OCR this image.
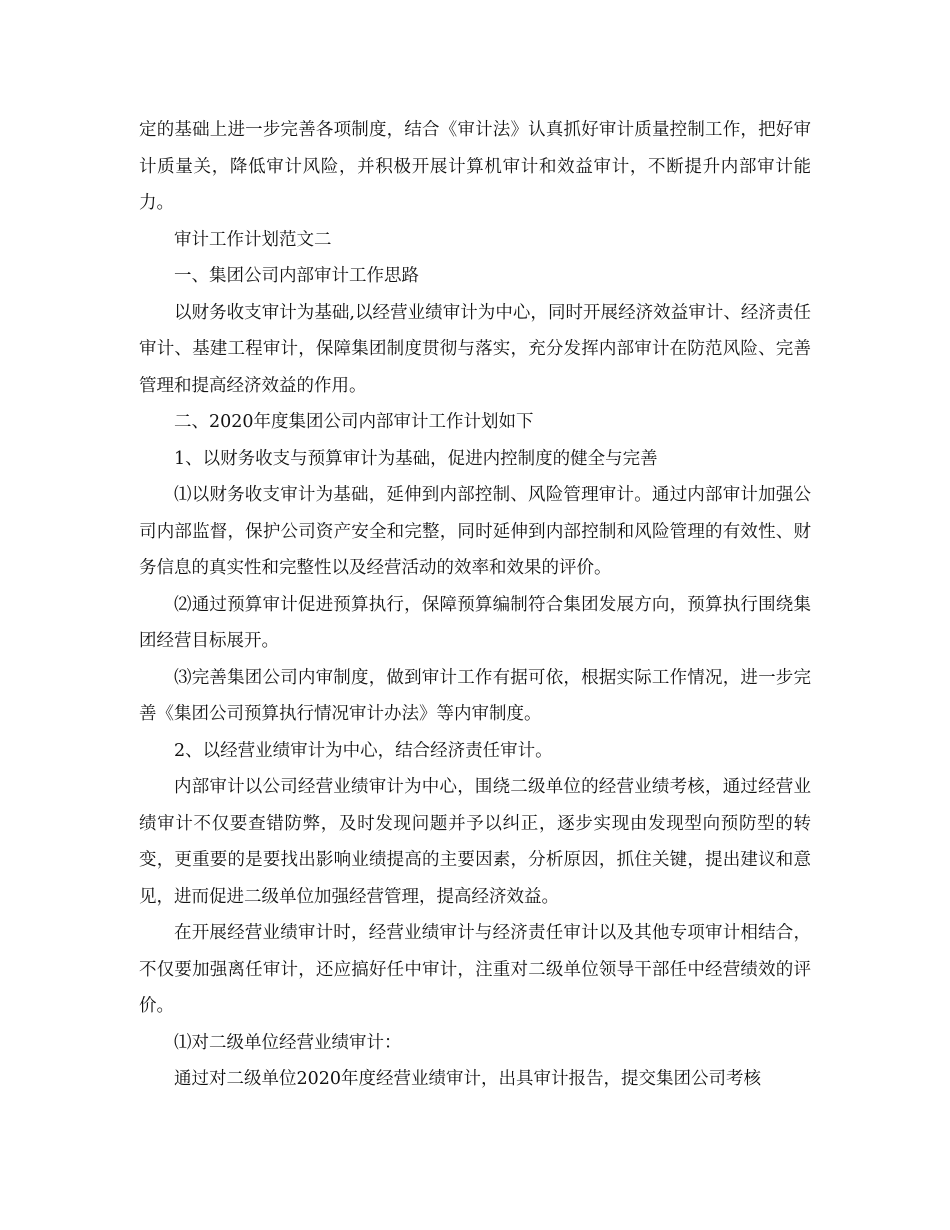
定的基础上进一步完善各项制度，结合《审计法》认真抓好审计质量控制工作，把好审计质量关，降低审计风险，并积极开展计算机审计和效益审计，不断提升内部审计能力。

审计工作计划范文二

一、集团公司内部审计工作思路

以财务收支审计为基础,以经营业绩审计为中心，同时开展经济效益审计、经济责任审计、基建工程审计，保障集团制度贯彻与落实，充分发挥内部审计在防范风险、完善管理和提高经济效益的作用。

二、2020年度集团公司内部审计工作计划如下

1、以财务收支与预算审计为基础，促进内控制度的健全与完善

⑴以财务收支审计为基础，延伸到内部控制、风险管理审计。通过内部审计加强公司内部监督，保护公司资产安全和完整，同时延伸到内部控制和风险管理的有效性、财务信息的真实性和完整性以及经营活动的效率和效果的评价。

⑵通过预算审计促进预算执行，保障预算编制符合集团发展方向，预算执行围绕集团经营目标展开。

⑶完善集团公司内审制度，做到审计工作有据可依，根据实际工作情况，进一步完善《集团公司预算执行情况审计办法》等内审制度。

2、以经营业绩审计为中心，结合经济责任审计。

内部审计以公司经营业绩审计为中心，围绕二级单位的经营业绩考核，通过经营业绩审计不仅要查错防弊，及时发现问题并予以纠正，逐步实现由发现型向预防型的转变，更重要的是要找出影响业绩提高的主要因素，分析原因，抓住关键，提出建议和意见，进而促进二级单位加强经营管理，提高经济效益。

在开展经营业绩审计时，经营业绩审计与经济责任审计以及其他专项审计相结合，不仅要加强离任审计，还应搞好任中审计，注重对二级单位领导干部任中经营绩效的评价。

⑴对二级单位经营业绩审计：

通过对二级单位2020年度经营业绩审计，出具审计报告，提交集团公司考核
